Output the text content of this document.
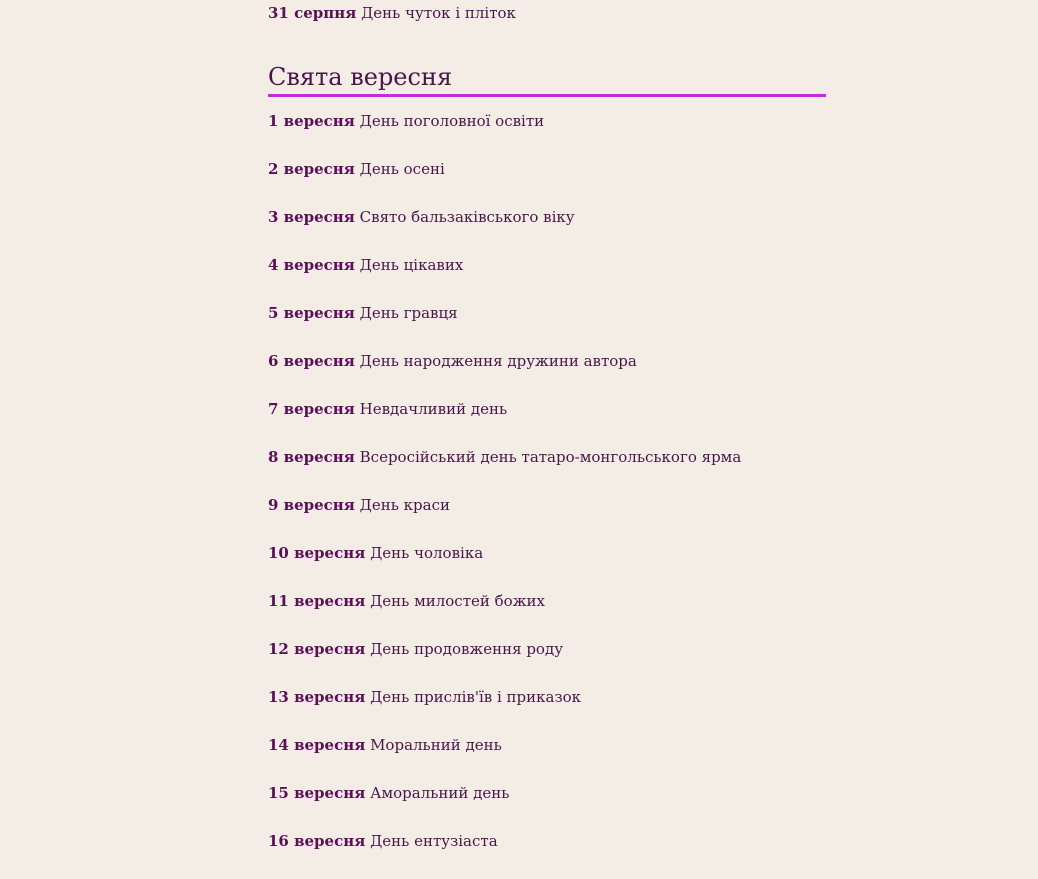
31 серпня День чуток і пліток

Свята вересня

1 вересня День поголовної освіти

2 вересня День осені

3 вересня Свято бальзаківського віку

4 вересня День цікавих

5 вересня День гравця

6 вересня День народження дружини автора

7 вересня Невдачливий день

8 вересня Всеросійський день татаро-монгольського ярма

9 вересня День краси

10 вересня День чоловіка

11 вересня День милостей божих

12 вересня День продовження роду

13 вересня День прислів'їв і приказок

14 вересня Моральний день

15 вересня Аморальний день

16 вересня День ентузіаста
